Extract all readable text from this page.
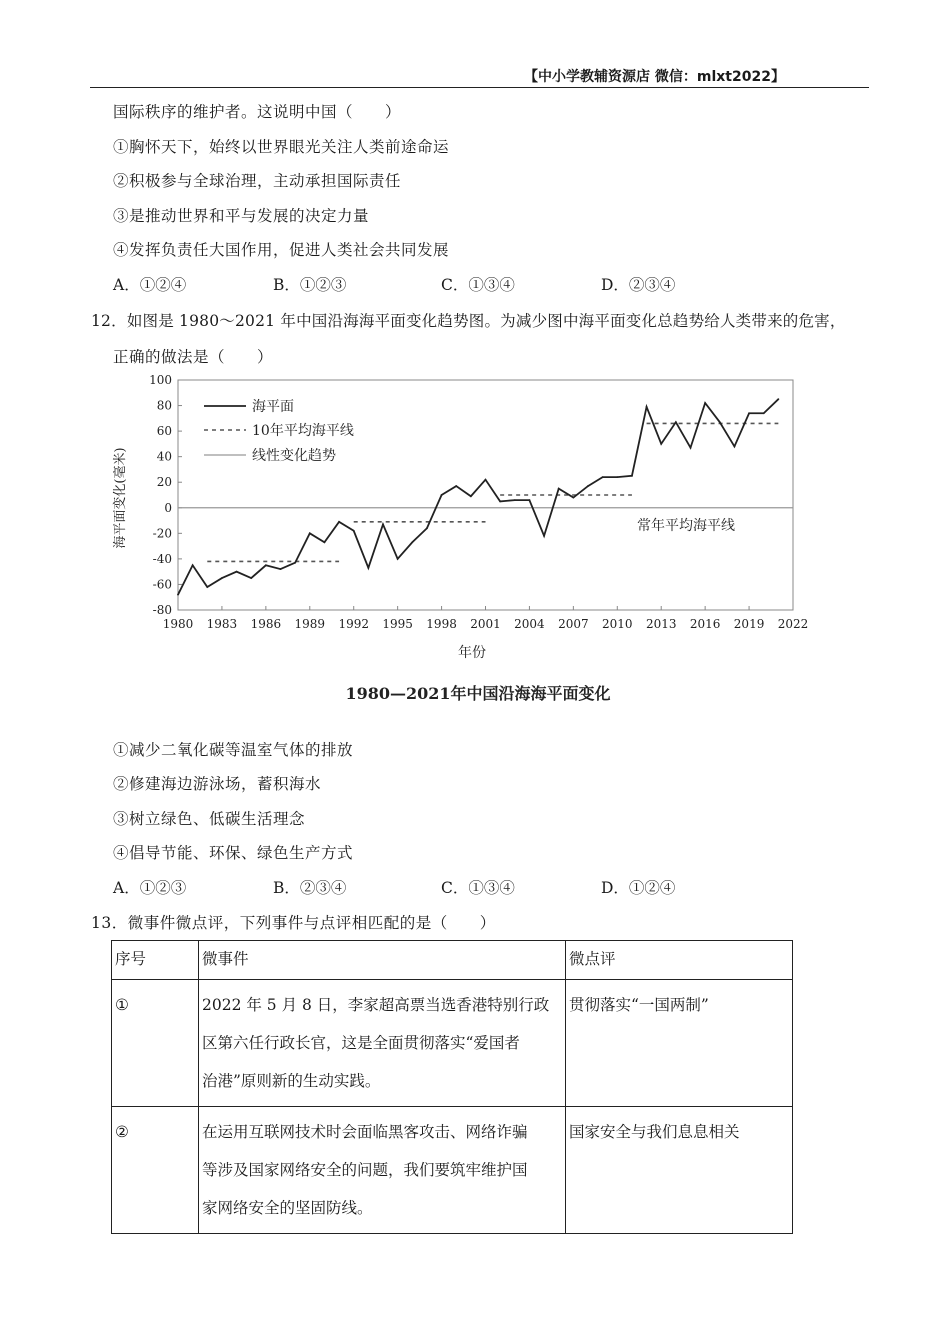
【中小学教辅资源店 微信：mlxt2022】
国际秩序的维护者。这说明中国（　　）
①胸怀天下，始终以世界眼光关注人类前途命运
②积极参与全球治理，主动承担国际责任
③是推动世界和平与发展的决定力量
④发挥负责任大国作用，促进人类社会共同发展
A．①②④	B．①②③	C．①③④	D．②③④
12．如图是 1980～2021 年中国沿海海平面变化趋势图。为减少图中海平面变化总趋势给人类带来的危害，
正确的做法是（　　）
100
80
60
40
20
0
-20
-40
-60
-80
1980 1983 1986 1989 1992 1995 1998 2001 2004 2007 2010 2013 2016 2019 2022
海平面
10年平均海平线
线性变化趋势
常年平均海平线
海平面变化(毫米)
年份
1980—2021年中国沿海海平面变化
①减少二氧化碳等温室气体的排放
②修建海边游泳场，蓄积海水
③树立绿色、低碳生活理念
④倡导节能、环保、绿色生产方式
A．①②③	B．②③④	C．①③④	D．①②④
13．微事件微点评，下列事件与点评相匹配的是（　　）
序号	微事件	微点评
①	2022 年 5 月 8 日，李家超高票当选香港特别行政
区第六任行政长官，这是全面贯彻落实“爱国者
治港”原则新的生动实践。	贯彻落实“一国两制”
②	在运用互联网技术时会面临黑客攻击、网络诈骗
等涉及国家网络安全的问题，我们要筑牢维护国
家网络安全的坚固防线。	国家安全与我们息息相关
